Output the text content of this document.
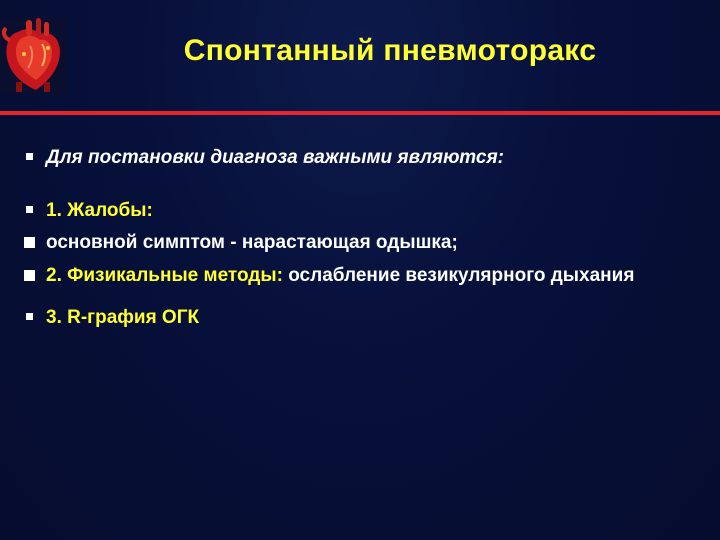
Спонтанный пневмоторакс
Для постановки диагноза важными являются:
1. Жалобы:
основной симптом - нарастающая одышка;
2. Физикальные методы: ослабление везикулярного дыхания
3. R-графия ОГК
